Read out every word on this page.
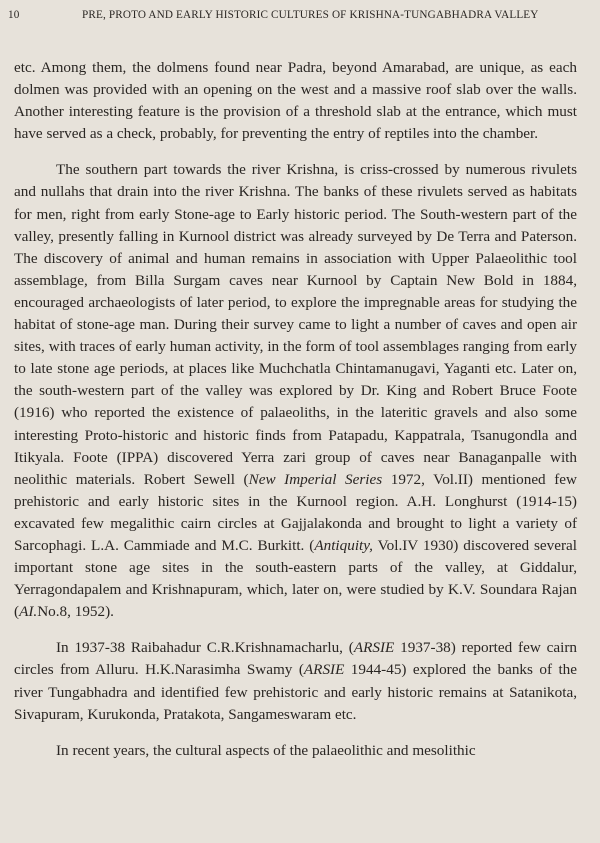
10	PRE, PROTO AND EARLY HISTORIC CULTURES OF KRISHNA-TUNGABHADRA VALLEY

etc. Among them, the dolmens found near Padra, beyond Amarabad, are unique, as each dolmen was provided with an opening on the west and a massive roof slab over the walls. Another interesting feature is the provision of a threshold slab at the entrance, which must have served as a check, probably, for preventing the entry of reptiles into the chamber.

The southern part towards the river Krishna, is criss-crossed by numerous rivulets and nullahs that drain into the river Krishna. The banks of these rivulets served as habitats for men, right from early Stone-age to Early historic period. The South-western part of the valley, presently falling in Kurnool district was already surveyed by De Terra and Paterson. The discovery of animal and human remains in association with Upper Palaeolithic tool assemblage, from Billa Surgam caves near Kurnool by Captain New Bold in 1884, encouraged archaeologists of later period, to explore the impregnable areas for studying the habitat of stone-age man. During their survey came to light a number of caves and open air sites, with traces of early human activity, in the form of tool assemblages ranging from early to late stone age periods, at places like Muchchatla Chintamanugavi, Yaganti etc. Later on, the south-western part of the valley was explored by Dr. King and Robert Bruce Foote (1916) who reported the existence of palaeoliths, in the lateritic gravels and also some interesting Proto-historic and historic finds from Patapadu, Kappatrala, Tsanugondla and Itikyala. Foote (IPPA) discovered Yerra zari group of caves near Banaganpalle with neolithic materials. Robert Sewell (New Imperial Series 1972, Vol.II) mentioned few prehistoric and early historic sites in the Kurnool region. A.H. Longhurst (1914-15) excavated few megalithic cairn circles at Gajjalakonda and brought to light a variety of Sarcophagi. L.A. Cammiade and M.C. Burkitt. (Antiquity, Vol.IV 1930) discovered several important stone age sites in the south-eastern parts of the valley, at Giddalur, Yerragondapalem and Krishnapuram, which, later on, were studied by K.V. Soundara Rajan (AI.No.8, 1952).

In 1937-38 Raibahadur C.R.Krishnamacharlu, (ARSIE 1937-38) reported few cairn circles from Alluru. H.K.Narasimha Swamy (ARSIE 1944-45) explored the banks of the river Tungabhadra and identified few prehistoric and early historic remains at Satanikota, Sivapuram, Kurukonda, Pratakota, Sangameswaram etc.

In recent years, the cultural aspects of the palaeolithic and mesolithic
